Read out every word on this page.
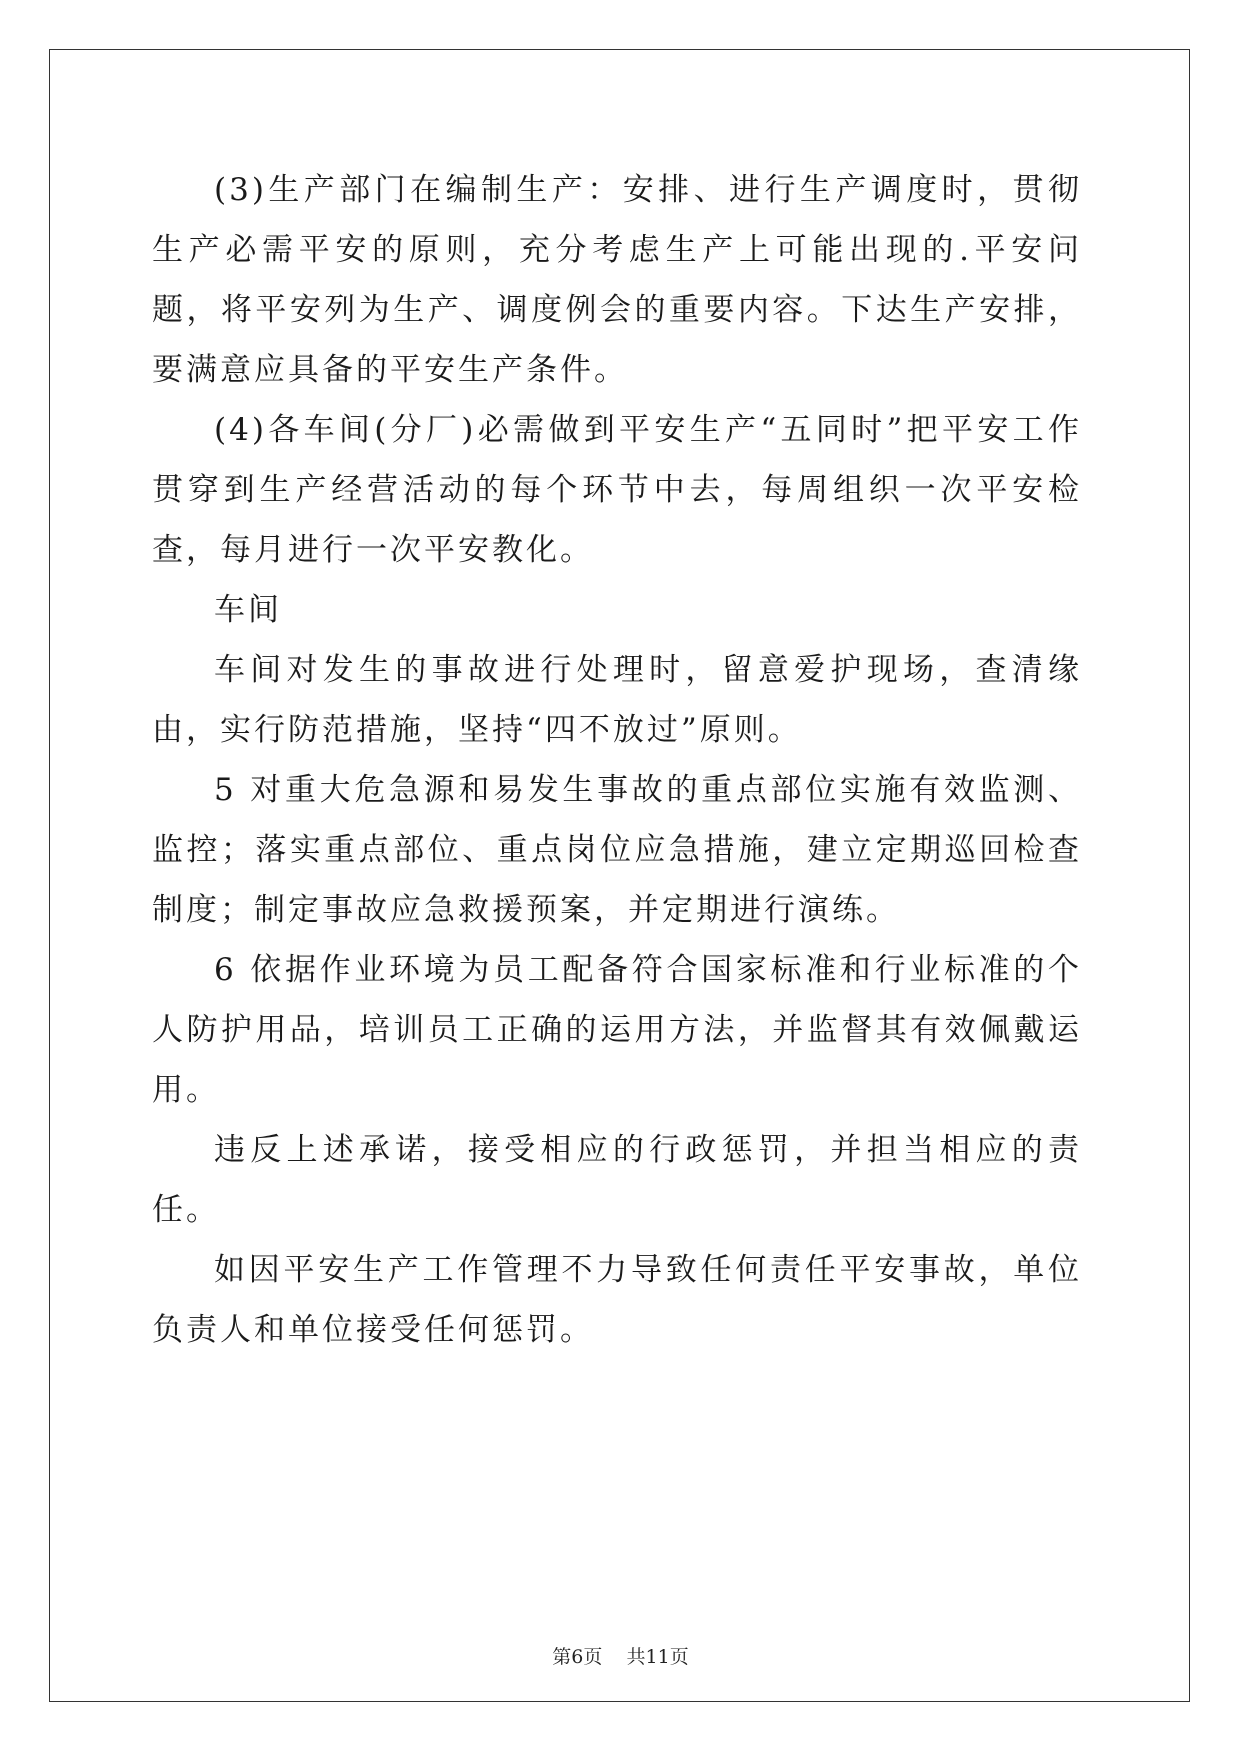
(3)生产部门在编制生产：安排、进行生产调度时，贯彻生产必需平安的原则，充分考虑生产上可能出现的.平安问题，将平安列为生产、调度例会的重要内容。下达生产安排，要满意应具备的平安生产条件。

(4)各车间(分厂)必需做到平安生产“五同时”把平安工作贯穿到生产经营活动的每个环节中去，每周组织一次平安检查，每月进行一次平安教化。

车间

车间对发生的事故进行处理时，留意爱护现场，查清缘由，实行防范措施，坚持“四不放过”原则。

5 对重大危急源和易发生事故的重点部位实施有效监测、监控；落实重点部位、重点岗位应急措施，建立定期巡回检查制度；制定事故应急救援预案，并定期进行演练。

6 依据作业环境为员工配备符合国家标准和行业标准的个人防护用品，培训员工正确的运用方法，并监督其有效佩戴运用。

违反上述承诺，接受相应的行政惩罚，并担当相应的责任。

如因平安生产工作管理不力导致任何责任平安事故，单位负责人和单位接受任何惩罚。

第6页 共11页
